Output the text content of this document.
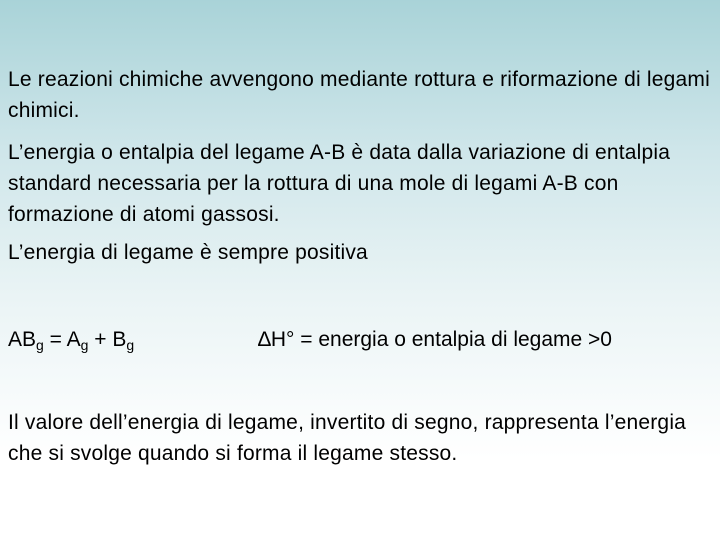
Le reazioni chimiche avvengono mediante rottura e riformazione di legami chimici.

L’energia o entalpia del legame A-B è data dalla variazione di entalpia standard necessaria per la rottura di una mole di legami A-B con formazione di atomi gassosi.

L’energia di legame è sempre positiva

$AB_g = A_g + B_g$	∆H° = energia o entalpia di legame >0

Il valore dell’energia di legame, invertito di segno, rappresenta l’energia che si svolge quando si forma il legame stesso.
